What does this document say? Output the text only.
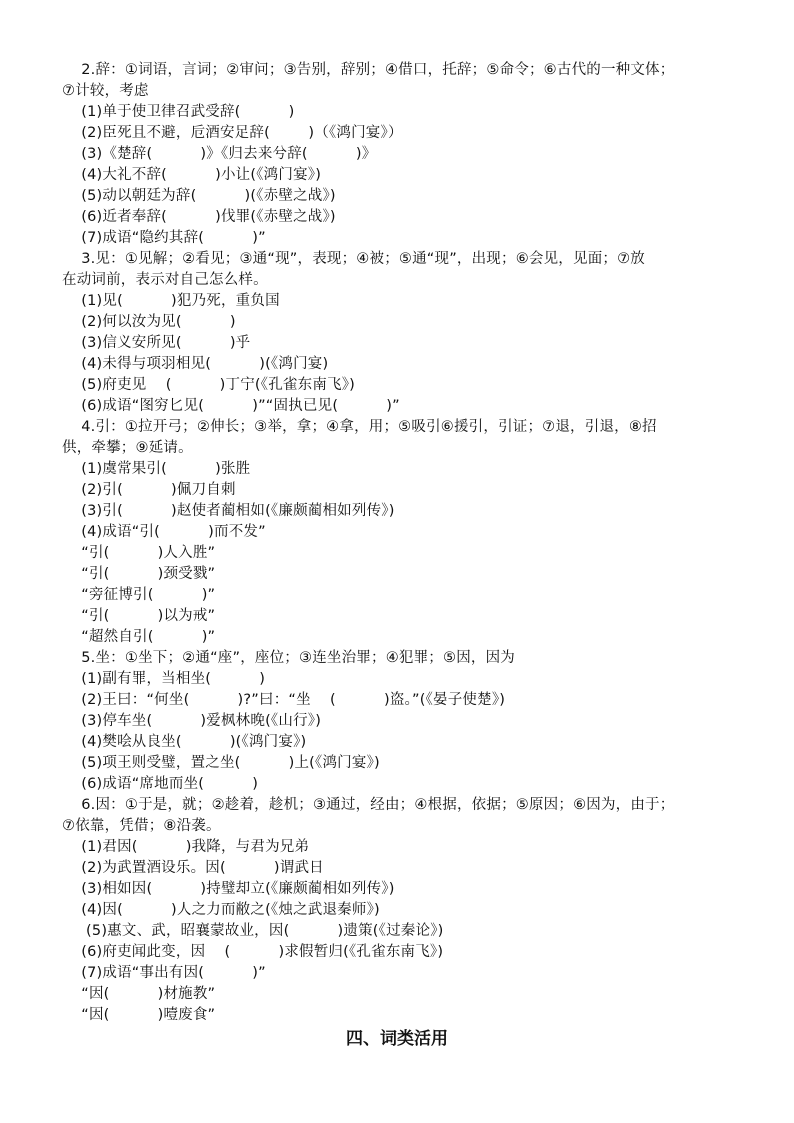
2.辞：①词语，言词；②审问；③告别，辞别；④借口，托辞；⑤命令；⑥古代的一种文体；
⑦计较，考虑
(1)单于使卫律召武受辞(          )
(2)臣死且不避，卮酒安足辞(        )（《鸿门宴》）
(3)《楚辞(          )》《归去来兮辞(          )》
(4)大礼不辞(          )小让(《鸿门宴》)
(5)动以朝廷为辞(          )(《赤壁之战》)
(6)近者奉辞(          )伐罪(《赤壁之战》)
(7)成语“隐约其辞(          )”
3.见：①见解；②看见；③通“现”，表现；④被；⑤通“现”，出现；⑥会见，见面；⑦放
在动词前，表示对自己怎么样。
(1)见(          )犯乃死，重负国
(2)何以汝为见(          )
(3)信义安所见(          )乎
(4)未得与项羽相见(          )(《鸿门宴)
(5)府吏见    (          )丁宁(《孔雀东南飞》)
(6)成语“图穷匕见(          )”“固执已见(          )”
4.引：①拉开弓；②伸长；③举，拿；④拿，用；⑤吸引⑥援引，引证；⑦退，引退，⑧招
供，牵攀；⑨延请。
(1)虞常果引(          )张胜
(2)引(          )佩刀自刺
(3)引(          )赵使者蔺相如(《廉颇蔺相如列传》)
(4)成语“引(          )而不发”
“引(          )人入胜”
“引(          )颈受戮”
“旁征博引(          )”
“引(          )以为戒”
“超然自引(          )”
5.坐：①坐下；②通“座”，座位；③连坐治罪；④犯罪；⑤因，因为
(1)副有罪，当相坐(          )
(2)王曰：“何坐(          )?”曰：“坐    (          )盗。”(《晏子使楚》)
(3)停车坐(          )爱枫林晚(《山行》)
(4)樊哙从良坐(          )(《鸿门宴》)
(5)项王则受璧，置之坐(          )上(《鸿门宴》)
(6)成语“席地而坐(          )
6.因：①于是，就；②趁着，趁机；③通过，经由；④根据，依据；⑤原因；⑥因为，由于；
⑦依靠，凭借；⑧沿袭。
(1)君因(          )我降，与君为兄弟
(2)为武置酒设乐。因(          )谓武日
(3)相如因(          )持璧却立(《廉颇蔺相如列传》)
(4)因(          )人之力而敝之(《烛之武退秦师》)
(5)惠文、武，昭襄蒙故业，因(          )遗策(《过秦论》)
(6)府吏闻此变，因    (          )求假暂归(《孔雀东南飞》)
(7)成语“事出有因(          )”
“因(          )材施教”
“因(          )噎废食”
四、词类活用
